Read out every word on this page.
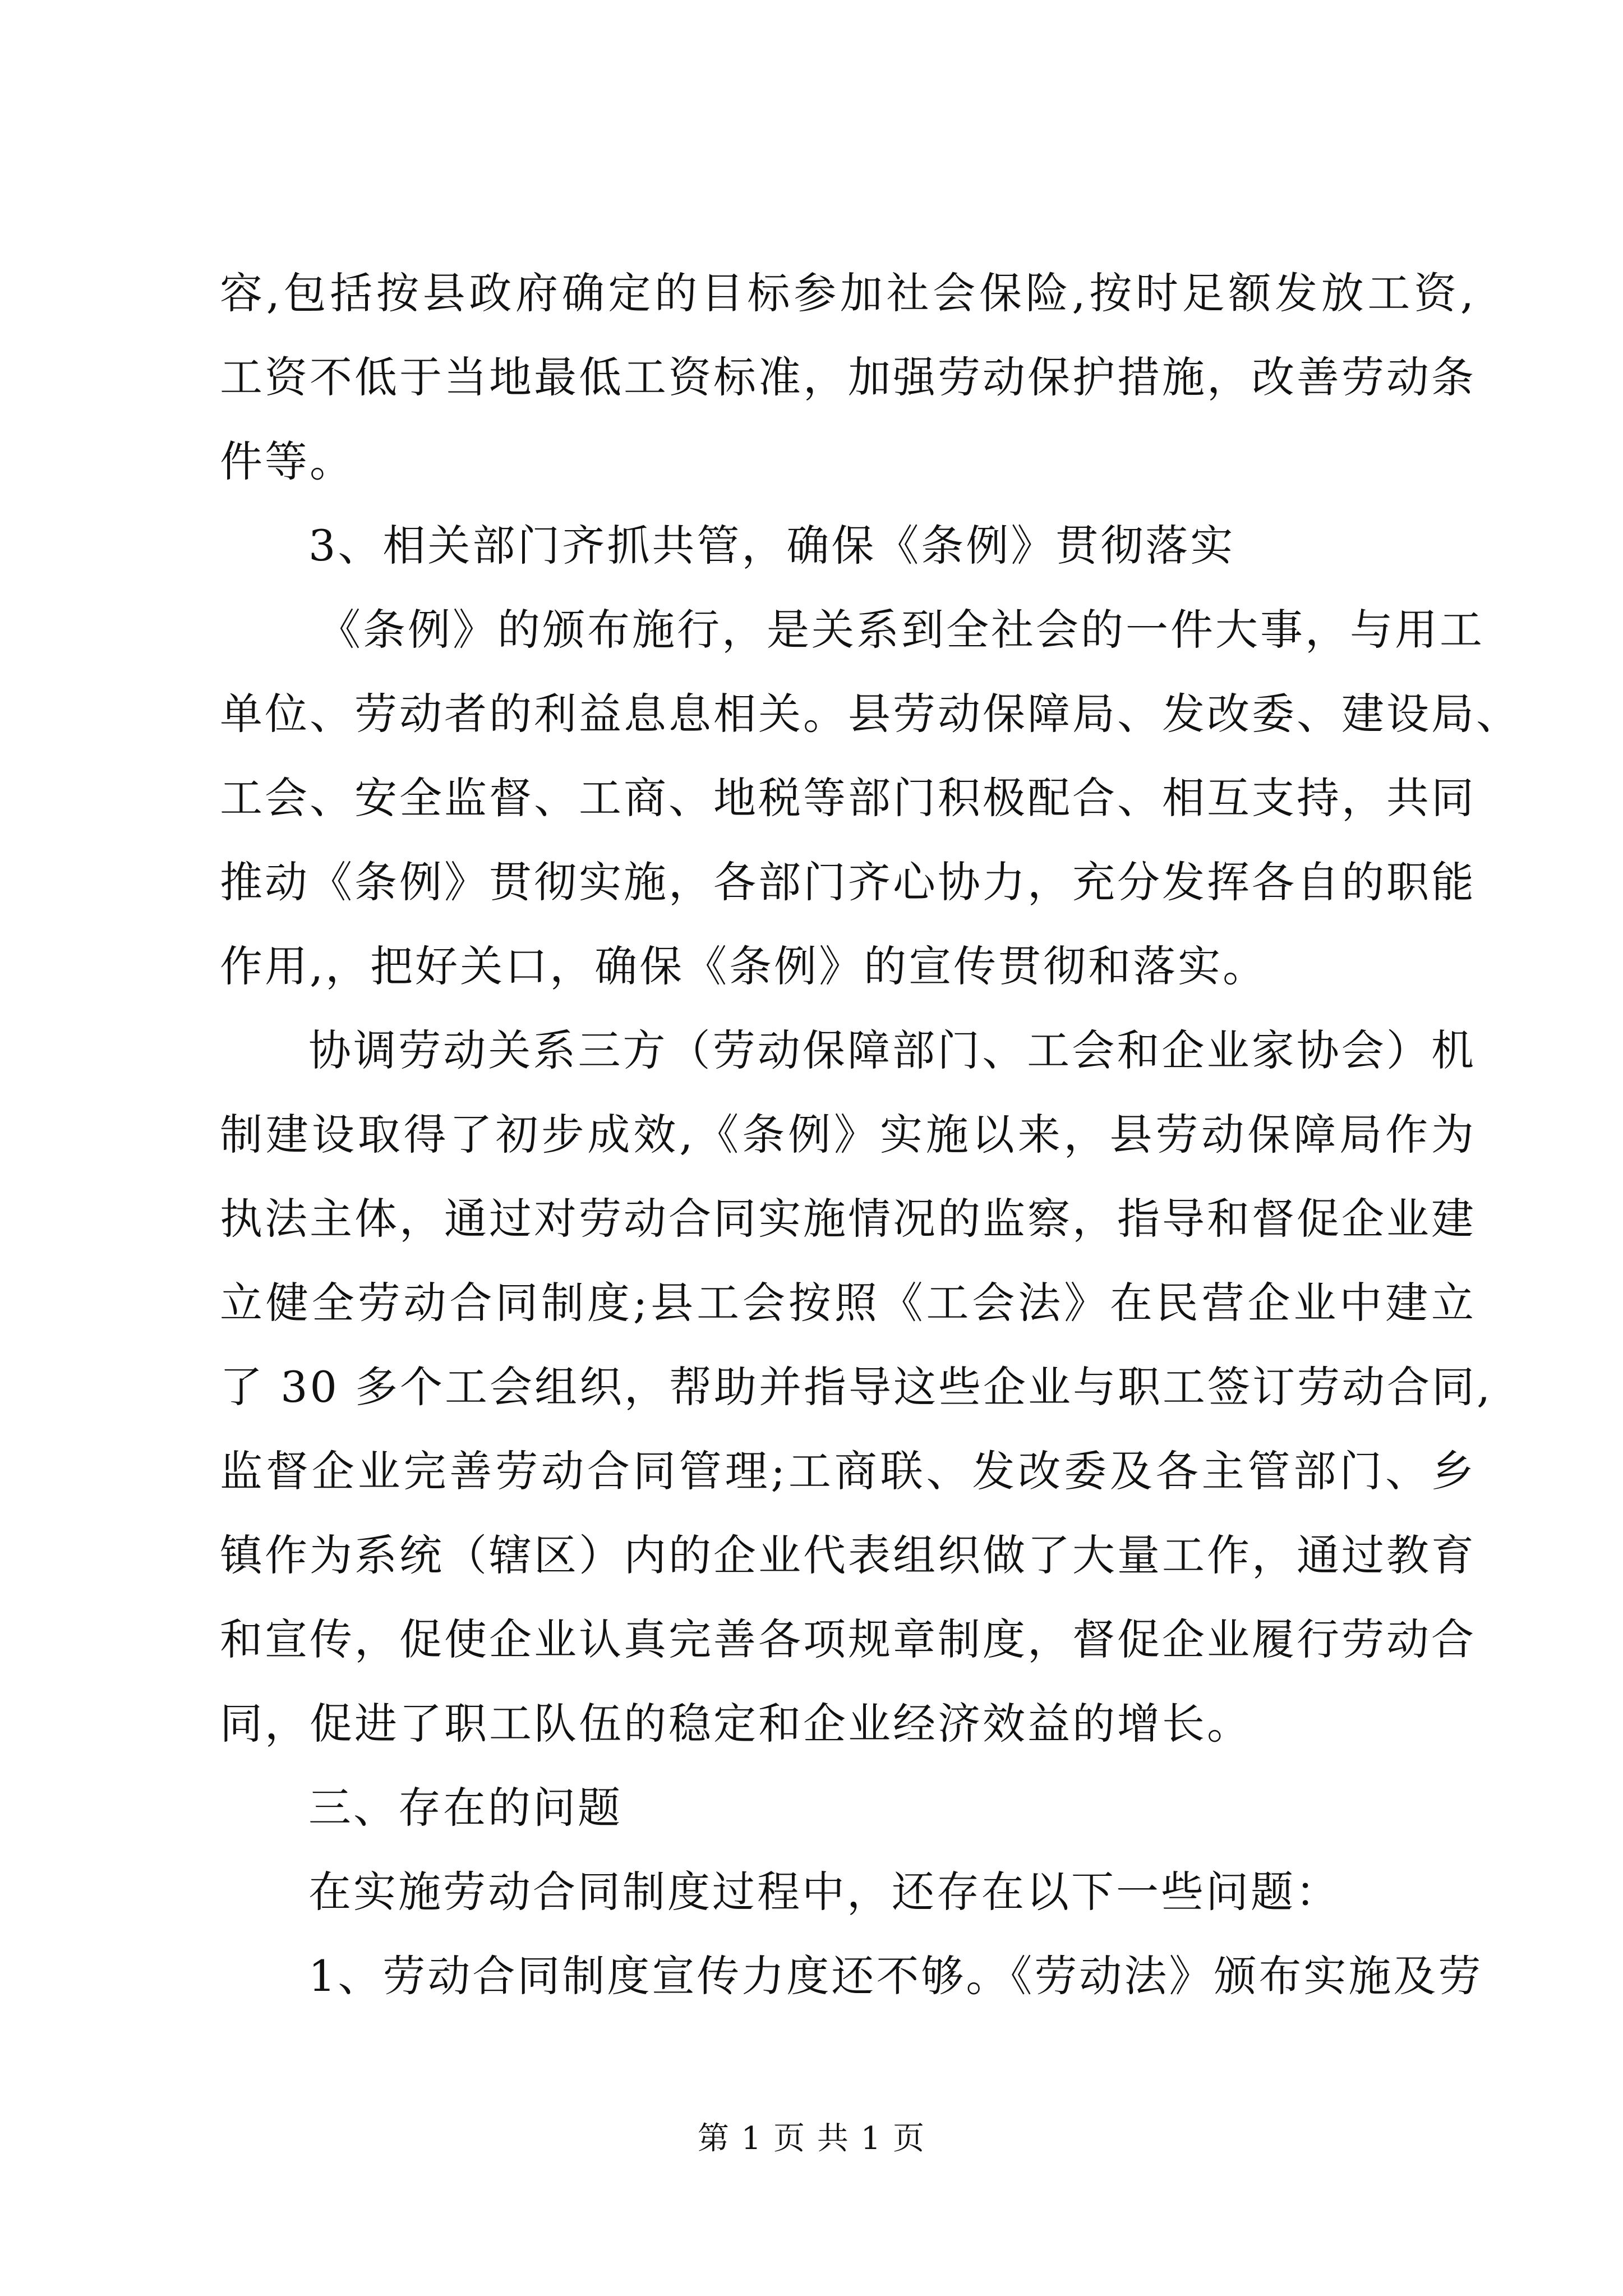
容,包括按县政府确定的目标参加社会保险,按时足额发放工资,
工资不低于当地最低工资标准，加强劳动保护措施，改善劳动条
件等。
3、相关部门齐抓共管，确保《条例》贯彻落实
《条例》的颁布施行，是关系到全社会的一件大事，与用工
单位、劳动者的利益息息相关。县劳动保障局、发改委、建设局、
工会、安全监督、工商、地税等部门积极配合、相互支持，共同
推动《条例》贯彻实施，各部门齐心协力，充分发挥各自的职能
作用,，把好关口，确保《条例》的宣传贯彻和落实。
协调劳动关系三方（劳动保障部门、工会和企业家协会）机
制建设取得了初步成效,《条例》实施以来，县劳动保障局作为
执法主体，通过对劳动合同实施情况的监察，指导和督促企业建
立健全劳动合同制度;县工会按照《工会法》在民营企业中建立
了 30 多个工会组织，帮助并指导这些企业与职工签订劳动合同,
监督企业完善劳动合同管理;工商联、发改委及各主管部门、乡
镇作为系统（辖区）内的企业代表组织做了大量工作，通过教育
和宣传，促使企业认真完善各项规章制度，督促企业履行劳动合
同，促进了职工队伍的稳定和企业经济效益的增长。
三、存在的问题
在实施劳动合同制度过程中，还存在以下一些问题：
1、劳动合同制度宣传力度还不够。《劳动法》颁布实施及劳
第 1 页 共 1 页
